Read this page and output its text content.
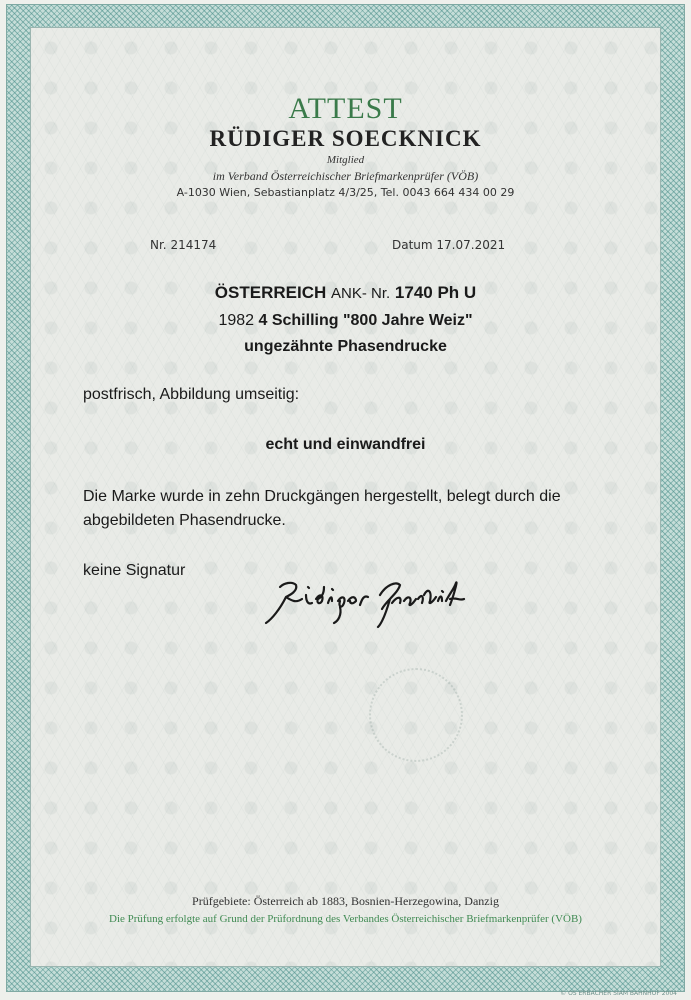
ATTEST
RÜDIGER SOECKNICK
Mitglied
im Verband Österreichischer Briefmarkenprüfer (VÖB)
A-1030 Wien, Sebastianplatz 4/3/25, Tel. 0043 664 434 00 29
Nr. 214174	Datum 17.07.2021
ÖSTERREICH ANK- Nr. 1740 Ph U
1982 4 Schilling "800 Jahre Weiz"
ungezähnte Phasendrucke
postfrisch, Abbildung umseitig:
echt und einwandfrei
Die Marke wurde in zehn Druckgängen hergestellt, belegt durch die
abgebildeten Phasendrucke.
keine Signatur
Prüfgebiete: Österreich ab 1883, Bosnien-Herzegowina, Danzig
Die Prüfung erfolgte auf Grund der Prüfordnung des Verbandes Österreichischer Briefmarkenprüfer (VÖB)
© OS ERBACHER SIAM BAHNHOF 2004
